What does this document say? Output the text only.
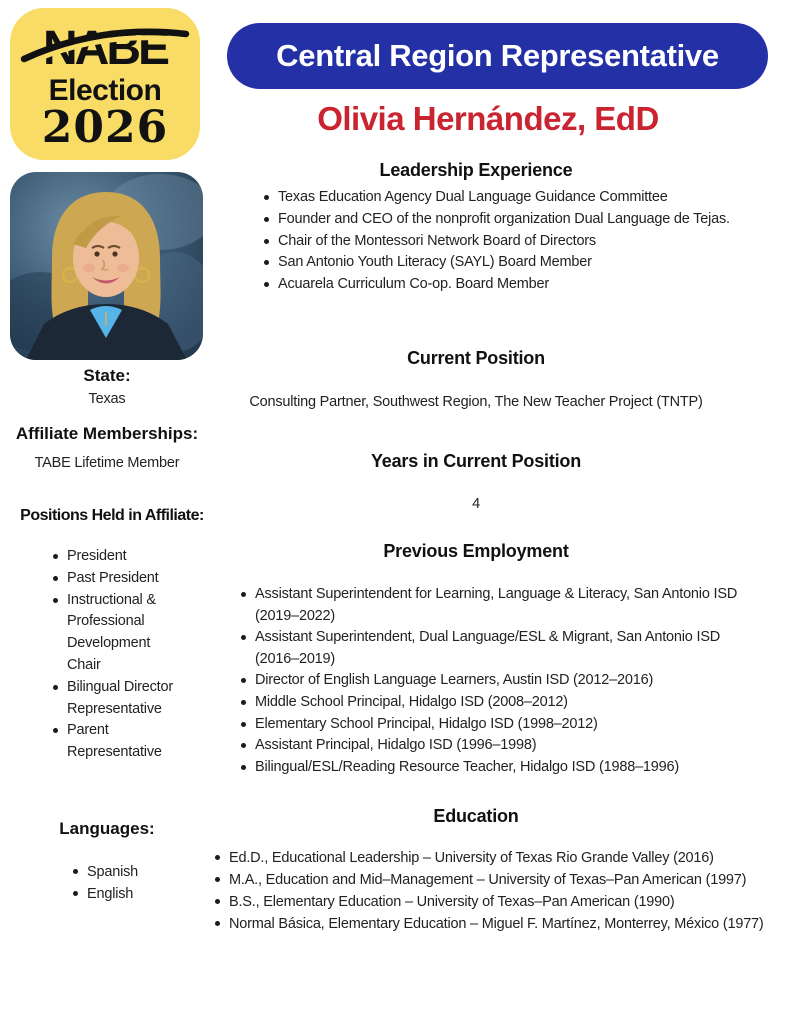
NABE
Election
2026
Central Region Representative
Olivia Hernández, EdD
State:
Texas
Affiliate Memberships:
TABE Lifetime Member
Positions Held in Affiliate:
President
Past President
Instructional & Professional Development Chair
Bilingual Director Representative
Parent Representative
Languages:
Spanish
English
Leadership Experience
Texas Education Agency Dual Language Guidance Committee
Founder and CEO of the nonprofit organization Dual Language de Tejas.
Chair of the Montessori Network Board of Directors
San Antonio Youth Literacy (SAYL) Board Member
Acuarela Curriculum Co-op. Board Member
Current Position
Consulting Partner, Southwest Region, The New Teacher Project (TNTP)
Years in Current Position
4
Previous Employment
Assistant Superintendent for Learning, Language & Literacy, San Antonio ISD (2019–2022)
Assistant Superintendent, Dual Language/ESL & Migrant, San Antonio ISD (2016–2019)
Director of English Language Learners, Austin ISD (2012–2016)
Middle School Principal, Hidalgo ISD (2008–2012)
Elementary School Principal, Hidalgo ISD (1998–2012)
Assistant Principal, Hidalgo ISD (1996–1998)
Bilingual/ESL/Reading Resource Teacher, Hidalgo ISD (1988–1996)
Education
Ed.D., Educational Leadership – University of Texas Rio Grande Valley (2016)
M.A., Education and Mid–Management – University of Texas–Pan American (1997)
B.S., Elementary Education – University of Texas–Pan American (1990)
Normal Básica, Elementary Education – Miguel F. Martínez, Monterrey, México (1977)
